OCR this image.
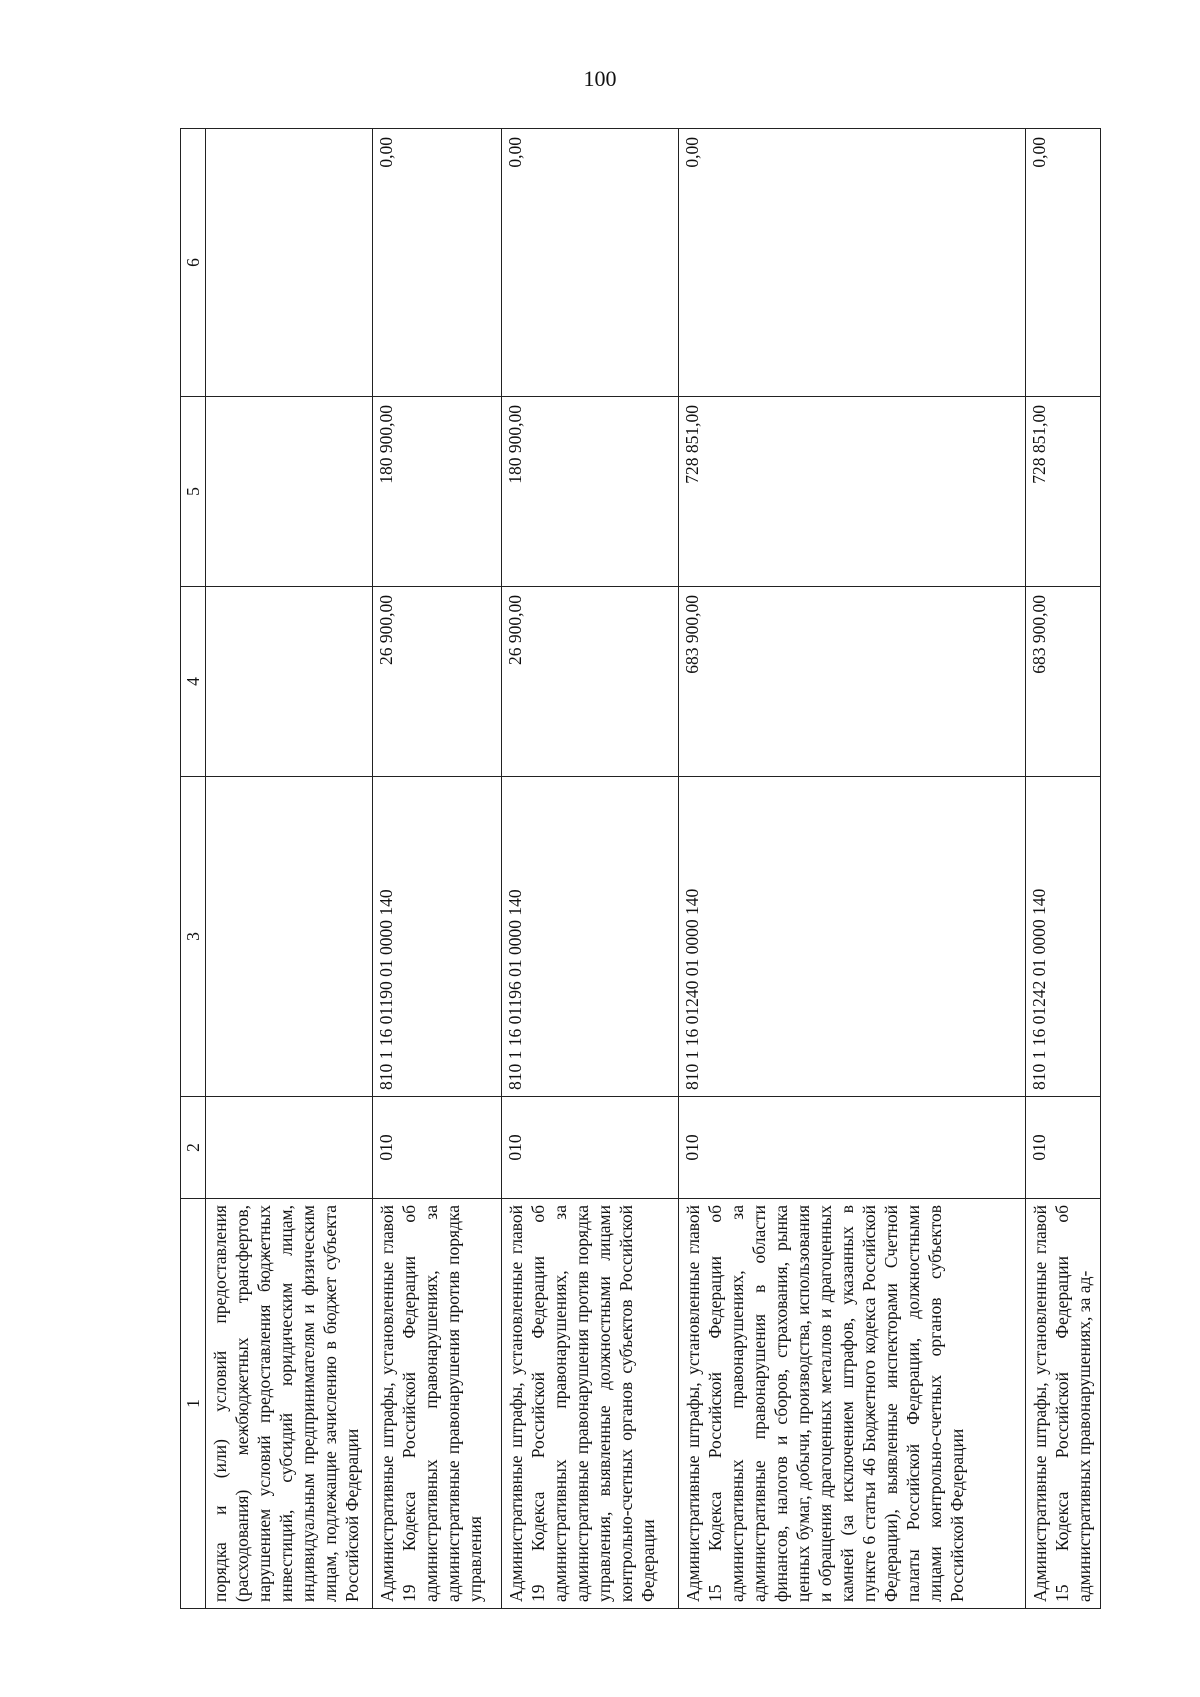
100
1	2	3	4	5	6
порядка и (или) условий предоставления (расходования) межбюджетных трансфертов, нарушением условий предоставления бюджетных инвестиций, субсидий юридическим лицам, индивидуальным предпринимателям и физическим лицам, подлежащие зачислению в бюджет субъекта Российской Федерации					
Административные штрафы, установленные главой 19 Кодекса Российской Федерации об административных правонарушениях, за административные правонарушения против порядка управления	010	810 1 16 01190 01 0000 140	26 900,00	180 900,00	0,00
Административные штрафы, установленные главой 19 Кодекса Российской Федерации об административных правонарушениях, за административные правонарушения против порядка управления, выявленные должностными лицами контрольно-счетных органов субъектов Российской Федерации	010	810 1 16 01196 01 0000 140	26 900,00	180 900,00	0,00
Административные штрафы, установленные главой 15 Кодекса Российской Федерации об административных правонарушениях, за административные правонарушения в области финансов, налогов и сборов, страхования, рынка ценных бумаг, добычи, производства, использования и обращения драгоценных металлов и драгоценных камней (за исключением штрафов, указанных в пункте 6 статьи 46 Бюджетного кодекса Российской Федерации), выявленные инспекторами Счетной палаты Российской Федерации, должностными лицами контрольно-счетных органов субъектов Российской Федерации	010	810 1 16 01240 01 0000 140	683 900,00	728 851,00	0,00
Административные штрафы, установленные главой 15 Кодекса Российской Федерации об административных правонарушениях, за ад-	010	810 1 16 01242 01 0000 140	683 900,00	728 851,00	0,00
